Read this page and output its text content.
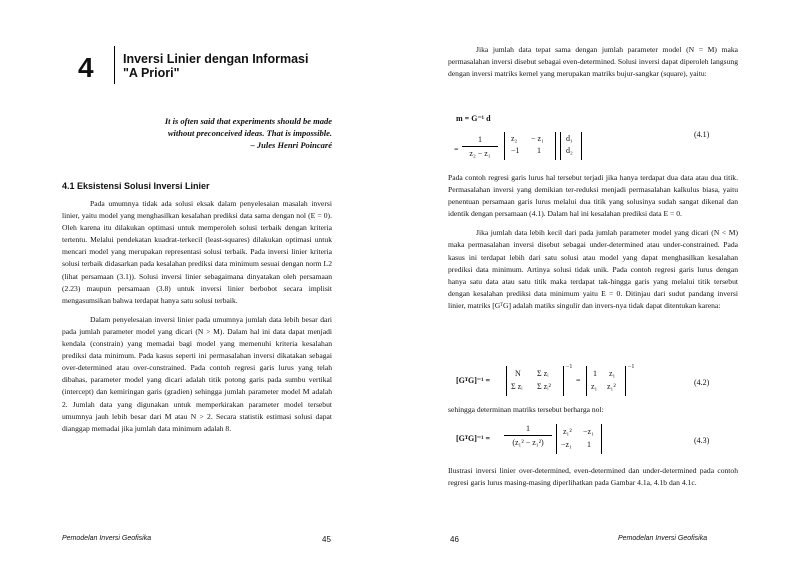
4 Inversi Linier dengan Informasi
"A Priori"
It is often said that experiments should be made
without preconceived ideas. That is impossible.
– Jules Henri Poincaré
4.1 Eksistensi Solusi Inversi Linier

Pada umumnya tidak ada solusi eksak dalam penyelesaian masalah inversi linier, yaitu model yang menghasilkan kesalahan prediksi data sama dengan nol (E = 0). Oleh karena itu dilakukan optimasi untuk memperoleh solusi terbaik dengan kriteria tertentu. Melalui pendekatan kuadrat-terkecil (least-squares) dilakukan optimasi untuk mencari model yang merupakan representasi solusi terbaik. Pada inversi linier kriteria solusi terbaik didasarkan pada kesalahan prediksi data minimum sesuai dengan norm L2 (lihat persamaan (3.1)). Solusi inversi linier sebagaimana dinyatakan oleh persamaan (2.23) maupun persamaan (3.8) untuk inversi linier berbobot secara implisit mengasumsikan bahwa terdapat hanya satu solusi terbaik.

Dalam penyelesaian inversi linier pada umumnya jumlah data lebih besar dari pada jumlah parameter model yang dicari (N > M). Dalam hal ini data dapat menjadi kendala (constrain) yang memadai bagi model yang memenuhi kriteria kesalahan prediksi data minimum. Pada kasus seperti ini permasalahan inversi dikatakan sebagai over-determined atau over-constrained. Pada contoh regresi garis lurus yang telah dibahas, parameter model yang dicari adalah titik potong garis pada sumbu vertikal (intercept) dan kemiringan garis (gradien) sehingga jumlah parameter model M adalah 2. Jumlah data yang digunakan untuk memperkirakan parameter model tersebut umumnya jauh lebih besar dari M atau N > 2. Secara statistik estimasi solusi dapat dianggap memadai jika jumlah data minimum adalah 8.

Pemodelan Inversi Geofisika	45

Jika jumlah data tepat sama dengan jumlah parameter model (N = M) maka permasalahan inversi disebut sebagai even-determined. Solusi inversi dapat diperoleh langsung dengan inversi matriks kernel yang merupakan matriks bujur-sangkar (square), yaitu:

m = G⁻¹ d
= $\frac{1}{\text{z₂ − z₁}} z_2 - z_1$
−1 1
d₁
d₂
(4.1)

Pada contoh regresi garis lurus hal tersebut terjadi jika hanya terdapat dua data atau dua titik. Permasalahan inversi yang demikian ter-reduksi menjadi permasalahan kalkulus biasa, yaitu penentuan persamaan garis lurus melalui dua titik yang solusinya sudah sangat dikenal dan identik dengan persamaan (4.1). Dalam hal ini kesalahan prediksi data E = 0.

Jika jumlah data lebih kecil dari pada jumlah parameter model yang dicari (N < M) maka permasalahan inversi disebut sebagai under-determined atau under-constrained. Pada kasus ini terdapat lebih dari satu solusi atau model yang dapat menghasilkan kesalahan prediksi data minimum. Artinya solusi tidak unik. Pada contoh regresi garis lurus dengan hanya satu data atau satu titik maka terdapat tak-hingga garis yang melalui titik tersebut dengan kesalahan prediksi data minimum yaitu E = 0. Ditinjau dari sudut pandang inversi linier, matriks [GᵀG] adalah matiks singulir dan invers-nya tidak dapat ditentukan karena:

[GᵀG]⁻¹ =
N Σ zᵢ
Σ zᵢ Σ zᵢ²
−1
=
1 z₁
z₁ z₁²
−1
(4.2)

sehingga determinan matriks tersebut berharga nol:

[GᵀG]⁻¹ = $\frac{1}{\text{(z₁² − z₁²)}} z_1^2 -z_1$
−z₁ 1	(4.3)

Ilustrasi inversi linier over-determined, even-determined dan under-determined pada contoh regresi garis lurus masing-masing diperlihatkan pada Gambar 4.1a, 4.1b dan 4.1c.

46	Pemodelan Inversi Geofisika
